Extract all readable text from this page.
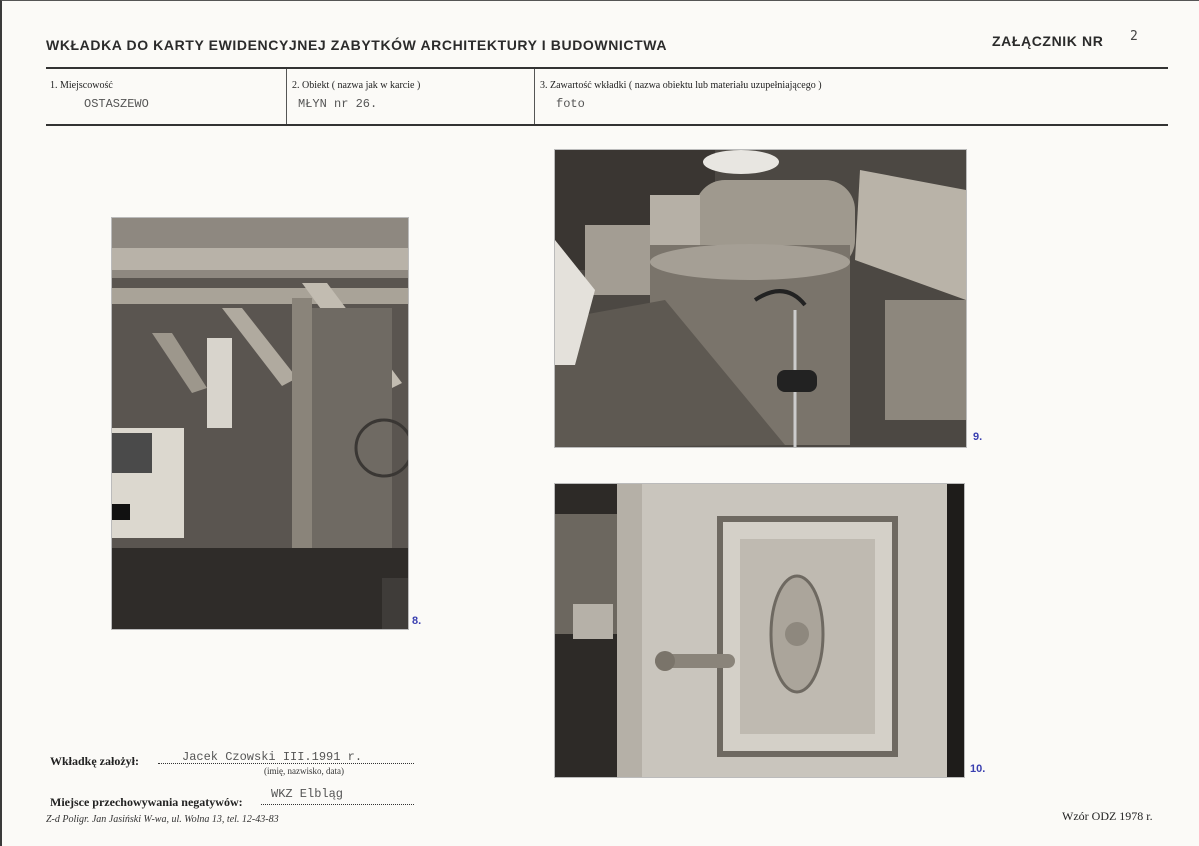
WKŁADKA DO KARTY EWIDENCYJNEJ ZABYTKÓW ARCHITEKTURY I BUDOWNICTWA	ZAŁĄCZNIK NR 2
1. Miejscowość
OSTASZEWO
2. Obiekt ( nazwa jak w karcie )
MŁYN nr 26.
3. Zawartość wkładki ( nazwa obiektu lub materiału uzupełniającego )
foto
8.
9.
10.
Wkładkę założył:	Jacek Czowski III.1991 r.
(imię, nazwisko, data)
Miejsce przechowywania negatywów:
WKZ Elbląg
Z-d Poligr. Jan Jasiński W-wa, ul. Wolna 13, tel. 12-43-83	Wzór ODZ 1978 r.
